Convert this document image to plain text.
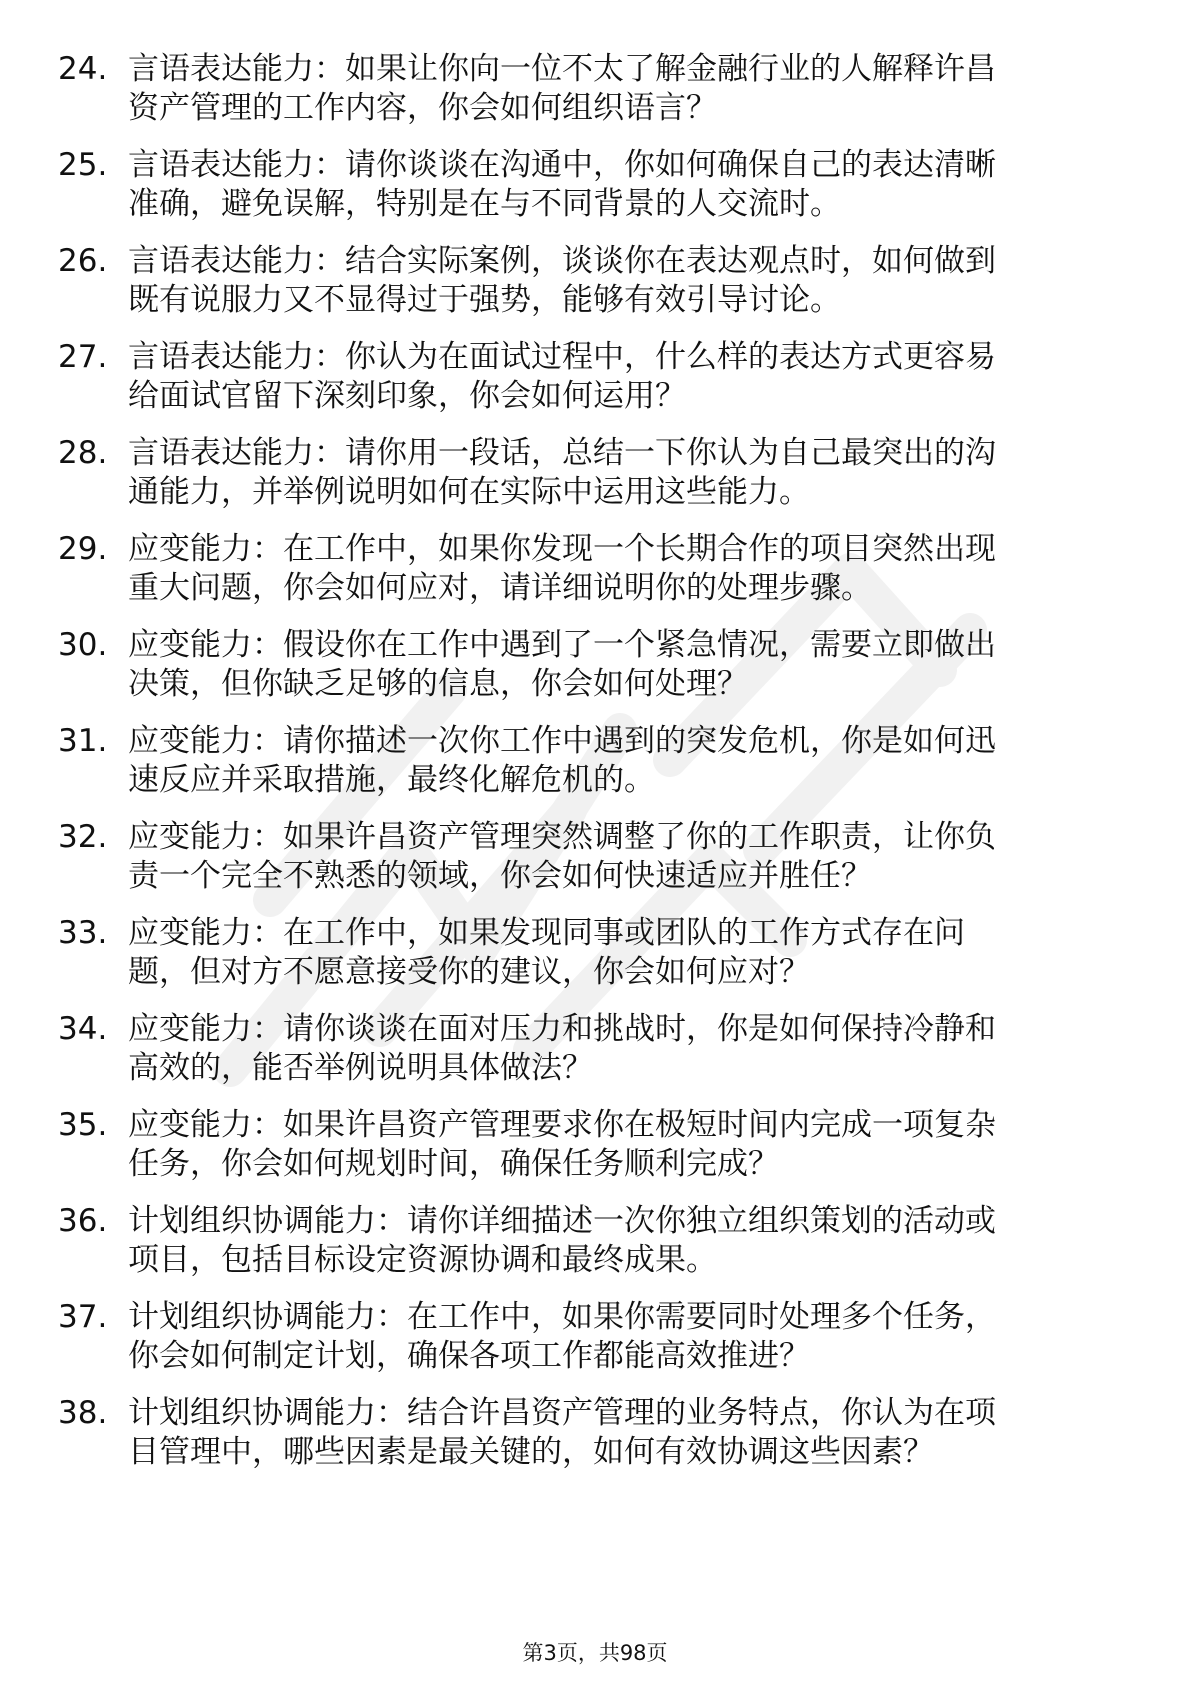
24. 言语表达能力：如果让你向一位不太了解金融行业的人解释许昌
资产管理的工作内容，你会如何组织语言？
25. 言语表达能力：请你谈谈在沟通中，你如何确保自己的表达清晰
准确，避免误解，特别是在与不同背景的人交流时。
26. 言语表达能力：结合实际案例，谈谈你在表达观点时，如何做到
既有说服力又不显得过于强势，能够有效引导讨论。
27. 言语表达能力：你认为在面试过程中，什么样的表达方式更容易
给面试官留下深刻印象，你会如何运用？
28. 言语表达能力：请你用一段话，总结一下你认为自己最突出的沟
通能力，并举例说明如何在实际中运用这些能力。
29. 应变能力：在工作中，如果你发现一个长期合作的项目突然出现
重大问题，你会如何应对，请详细说明你的处理步骤。
30. 应变能力：假设你在工作中遇到了一个紧急情况，需要立即做出
决策，但你缺乏足够的信息，你会如何处理？
31. 应变能力：请你描述一次你工作中遇到的突发危机，你是如何迅
速反应并采取措施，最终化解危机的。
32. 应变能力：如果许昌资产管理突然调整了你的工作职责，让你负
责一个完全不熟悉的领域，你会如何快速适应并胜任？
33. 应变能力：在工作中，如果发现同事或团队的工作方式存在问
题，但对方不愿意接受你的建议，你会如何应对？
34. 应变能力：请你谈谈在面对压力和挑战时，你是如何保持冷静和
高效的，能否举例说明具体做法？
35. 应变能力：如果许昌资产管理要求你在极短时间内完成一项复杂
任务，你会如何规划时间，确保任务顺利完成？
36. 计划组织协调能力：请你详细描述一次你独立组织策划的活动或
项目，包括目标设定资源协调和最终成果。
37. 计划组织协调能力：在工作中，如果你需要同时处理多个任务，
你会如何制定计划，确保各项工作都能高效推进？
38. 计划组织协调能力：结合许昌资产管理的业务特点，你认为在项
目管理中，哪些因素是最关键的，如何有效协调这些因素？
第3页，共98页
